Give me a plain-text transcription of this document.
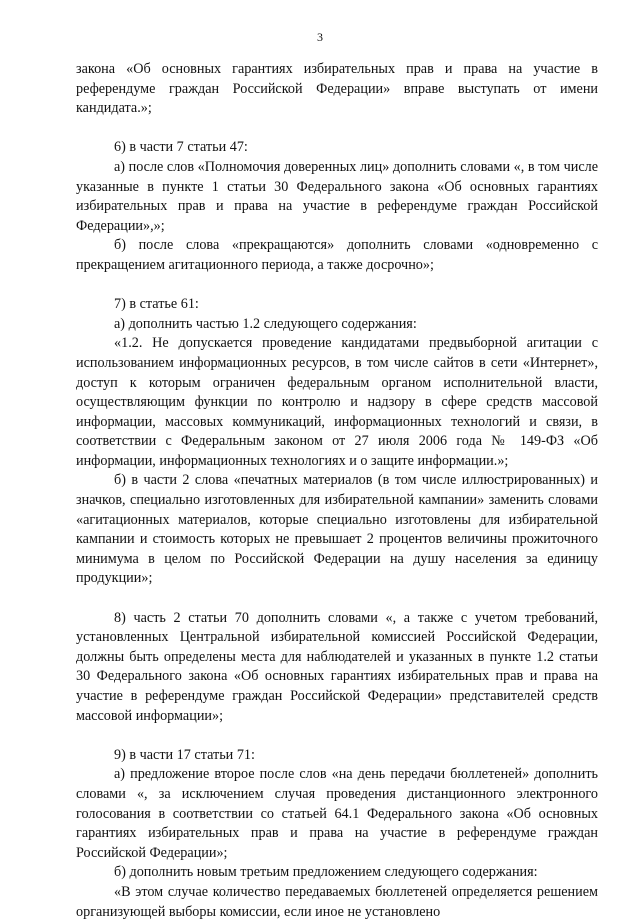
3

закона «Об основных гарантиях избирательных прав и права на участие в референдуме граждан Российской Федерации» вправе выступать от имени кандидата.»;

6) в части 7 статьи 47:

а) после слов «Полномочия доверенных лиц» дополнить словами «, в том числе указанные в пункте 1 статьи 30 Федерального закона «Об основных гарантиях избирательных прав и права на участие в референдуме граждан Российской Федерации»,»;

б) после слова «прекращаются» дополнить словами «одновременно с прекращением агитационного периода, а также досрочно»;

7) в статье 61:

а) дополнить частью 1.2 следующего содержания:

«1.2. Не допускается проведение кандидатами предвыборной агитации с использованием информационных ресурсов, в том числе сайтов в сети «Интернет», доступ к которым ограничен федеральным органом исполнительной власти, осуществляющим функции по контролю и надзору в сфере средств массовой информации, массовых коммуникаций, информационных технологий и связи, в соответствии с Федеральным законом от 27 июля 2006 года № 149-ФЗ «Об информации, информационных технологиях и о защите информации.»;

б) в части 2 слова «печатных материалов (в том числе иллюстрированных) и значков, специально изготовленных для избирательной кампании» заменить словами «агитационных материалов, которые специально изготовлены для избирательной кампании и стоимость которых не превышает 2 процентов величины прожиточного минимума в целом по Российской Федерации на душу населения за единицу продукции»;

8) часть 2 статьи 70 дополнить словами «, а также с учетом требований, установленных Центральной избирательной комиссией Российской Федерации, должны быть определены места для наблюдателей и указанных в пункте 1.2 статьи 30 Федерального закона «Об основных гарантиях избирательных прав и права на участие в референдуме граждан Российской Федерации» представителей средств массовой информации»;

9) в части 17 статьи 71:

а) предложение второе после слов «на день передачи бюллетеней» дополнить словами «, за исключением случая проведения дистанционного электронного голосования в соответствии со статьей 64.1 Федерального закона «Об основных гарантиях избирательных прав и права на участие в референдуме граждан Российской Федерации»;

б) дополнить новым третьим предложением следующего содержания:

«В этом случае количество передаваемых бюллетеней определяется решением организующей выборы комиссии, если иное не установлено
